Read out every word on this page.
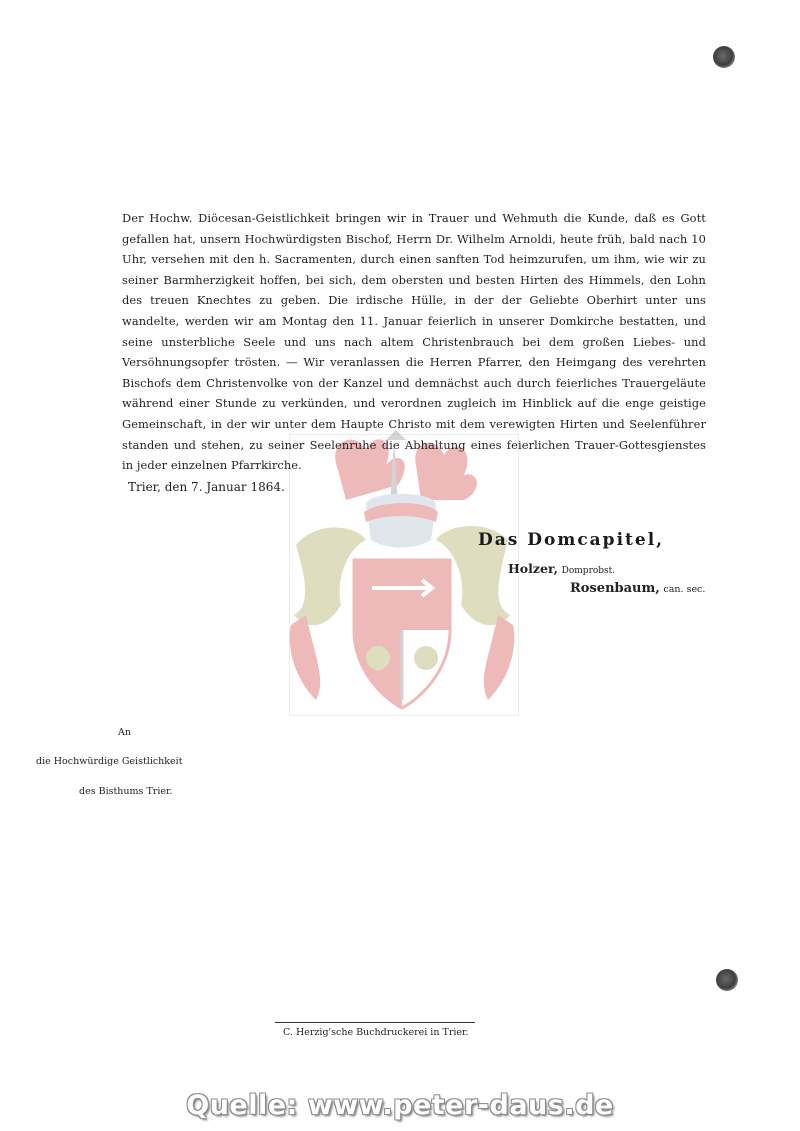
Der Hochw. Diöcesan-Geistlichkeit bringen wir in Trauer und Wehmuth die Kunde, daß es Gott gefallen hat, unsern Hochwürdigsten Bischof, Herrn Dr. Wilhelm Arnoldi, heute früh, bald nach 10 Uhr, versehen mit den h. Sacramenten, durch einen sanften Tod heimzurufen, um ihm, wie wir zu seiner Barmherzigkeit hoffen, bei sich, dem obersten und besten Hirten des Himmels, den Lohn des treuen Knechtes zu geben. Die irdische Hülle, in der der Geliebte Oberhirt unter uns wandelte, werden wir am Montag den 11. Januar feierlich in unserer Domkirche bestatten, und seine unsterbliche Seele und uns nach altem Christenbrauch bei dem großen Liebes- und Versöhnungsopfer trösten. — Wir veranlassen die Herren Pfarrer, den Heimgang des verehrten Bischofs dem Christenvolke von der Kanzel und demnächst auch durch feierliches Trauergeläute während einer Stunde zu verkünden, und verordnen zugleich im Hinblick auf die enge geistige Gemeinschaft, in der wir unter dem Haupte Christo mit dem verewigten Hirten und Seelenführer standen und stehen, zu seiner Seelenruhe die Abhaltung eines feierlichen Trauer-Gottesgienstes in jeder einzelnen Pfarrkirche.
Trier, den 7. Januar 1864.
Das Domcapitel,
Holzer, Domprobst.
Rosenbaum, can. sec.
An
die Hochwürdige Geistlichkeit
des Bisthums Trier.
C. Herzig'sche Buchdruckerei in Trier.
Quelle: www.peter-daus.de
